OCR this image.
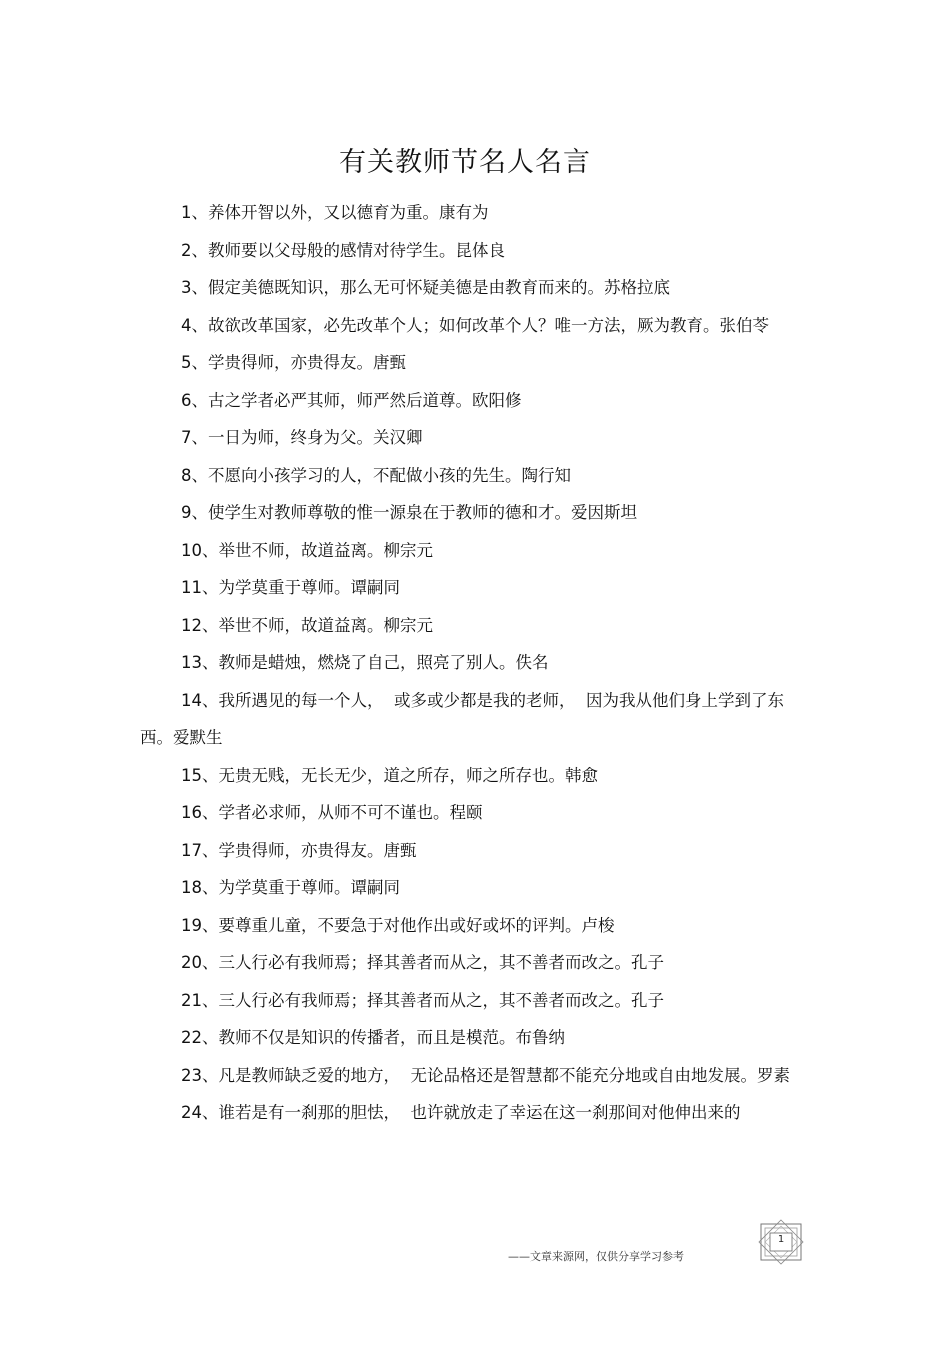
有关教师节名人名言

1、养体开智以外，又以德育为重。康有为

2、教师要以父母般的感情对待学生。昆体良

3、假定美德既知识，那么无可怀疑美德是由教育而来的。苏格拉底

4、故欲改革国家，必先改革个人；如何改革个人？唯一方法，厥为教育。张伯苓

5、学贵得师，亦贵得友。唐甄

6、古之学者必严其师，师严然后道尊。欧阳修

7、一日为师，终身为父。关汉卿

8、不愿向小孩学习的人，不配做小孩的先生。陶行知

9、使学生对教师尊敬的惟一源泉在于教师的德和才。爱因斯坦

10、举世不师，故道益离。柳宗元

11、为学莫重于尊师。谭嗣同

12、举世不师，故道益离。柳宗元

13、教师是蜡烛，燃烧了自己，照亮了别人。佚名

14、我所遇见的每一个人，  或多或少都是我的老师，  因为我从他们身上学到了东西。爱默生

15、无贵无贱，无长无少，道之所存，师之所存也。韩愈

16、学者必求师，从师不可不谨也。程颐

17、学贵得师，亦贵得友。唐甄

18、为学莫重于尊师。谭嗣同

19、要尊重儿童，不要急于对他作出或好或坏的评判。卢梭

20、三人行必有我师焉；择其善者而从之，其不善者而改之。孔子

21、三人行必有我师焉；择其善者而从之，其不善者而改之。孔子

22、教师不仅是知识的传播者，而且是模范。布鲁纳

23、凡是教师缺乏爱的地方，  无论品格还是智慧都不能充分地或自由地发展。罗素

24、谁若是有一刹那的胆怯，  也许就放走了幸运在这一刹那间对他伸出来的

——文章来源网，仅供分享学习参考
1
